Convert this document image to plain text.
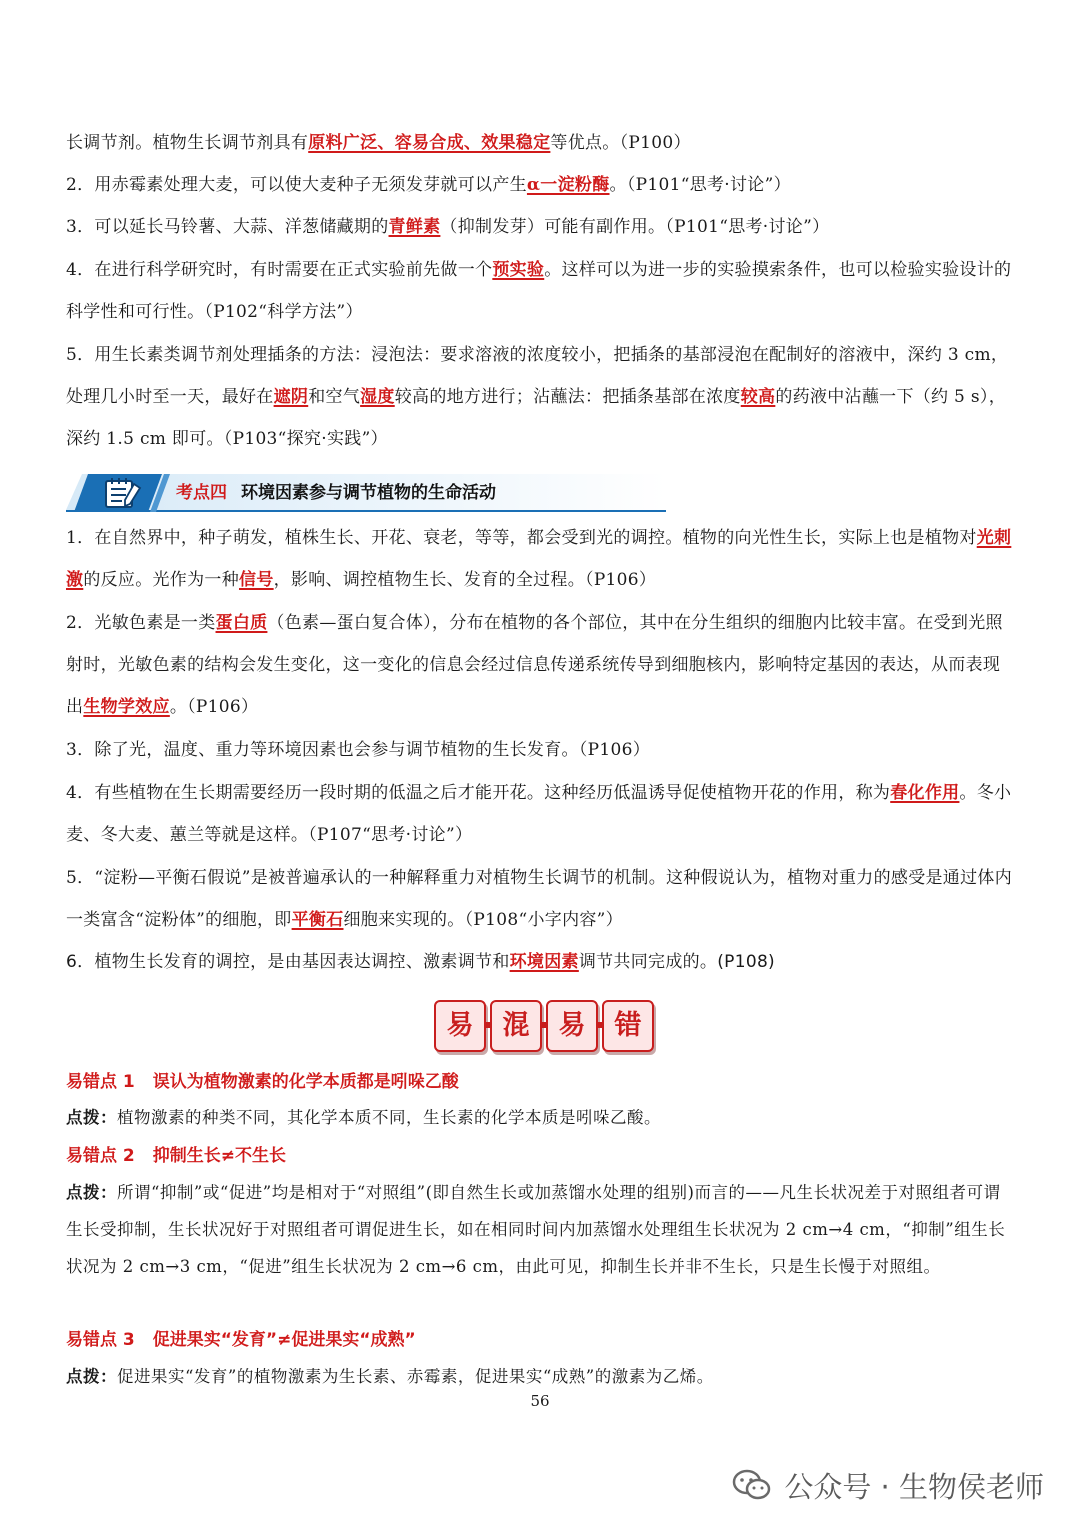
长调节剂。植物生长调节剂具有原料广泛、容易合成、效果稳定等优点。（P100）
2．用赤霉素处理大麦，可以使大麦种子无须发芽就可以产生α一淀粉酶。（P101“思考·讨论”）
3．可以延长马铃薯、大蒜、洋葱储藏期的青鲜素（抑制发芽）可能有副作用。（P101“思考·讨论”）
4．在进行科学研究时，有时需要在正式实验前先做一个预实验。这样可以为进一步的实验摸索条件，也可以检验实验设计的科学性和可行性。（P102“科学方法”）
5．用生长素类调节剂处理插条的方法：浸泡法：要求溶液的浓度较小，把插条的基部浸泡在配制好的溶液中，深约 3 cm，处理几小时至一天，最好在遮阴和空气湿度较高的地方进行；沾蘸法：把插条基部在浓度较高的药液中沾蘸一下（约 5 s），深约 1.5 cm 即可。（P103“探究·实践”）
考点四 环境因素参与调节植物的生命活动
1．在自然界中，种子萌发，植株生长、开花、衰老，等等，都会受到光的调控。植物的向光性生长，实际上也是植物对光刺激的反应。光作为一种信号，影响、调控植物生长、发育的全过程。（P106）
2．光敏色素是一类蛋白质（色素—蛋白复合体），分布在植物的各个部位，其中在分生组织的细胞内比较丰富。在受到光照射时，光敏色素的结构会发生变化，这一变化的信息会经过信息传递系统传导到细胞核内，影响特定基因的表达，从而表现出生物学效应。（P106）
3．除了光，温度、重力等环境因素也会参与调节植物的生长发育。（P106）
4．有些植物在生长期需要经历一段时期的低温之后才能开花。这种经历低温诱导促使植物开花的作用，称为春化作用。冬小麦、冬大麦、蕙兰等就是这样。（P107“思考·讨论”）
5．“淀粉—平衡石假说”是被普遍承认的一种解释重力对植物生长调节的机制。这种假说认为，植物对重力的感受是通过体内一类富含“淀粉体”的细胞，即平衡石细胞来实现的。（P108“小字内容”）
6．植物生长发育的调控，是由基因表达调控、激素调节和环境因素调节共同完成的。(P108)
易	混	易	错
易错点 1 误认为植物激素的化学本质都是吲哚乙酸
点拨：植物激素的种类不同，其化学本质不同，生长素的化学本质是吲哚乙酸。
易错点 2 抑制生长≠不生长
点拨：所谓“抑制”或“促进”均是相对于“对照组”(即自然生长或加蒸馏水处理的组别)而言的——凡生长状况差于对照组者可谓生长受抑制，生长状况好于对照组者可谓促进生长，如在相同时间内加蒸馏水处理组生长状况为 2 cm→4 cm，“抑制”组生长状况为 2 cm→3 cm，“促进”组生长状况为 2 cm→6 cm，由此可见，抑制生长并非不生长，只是生长慢于对照组。
易错点 3 促进果实“发育”≠促进果实“成熟”
点拨：促进果实“发育”的植物激素为生长素、赤霉素，促进果实“成熟”的激素为乙烯。
56
公众号 · 生物侯老师
